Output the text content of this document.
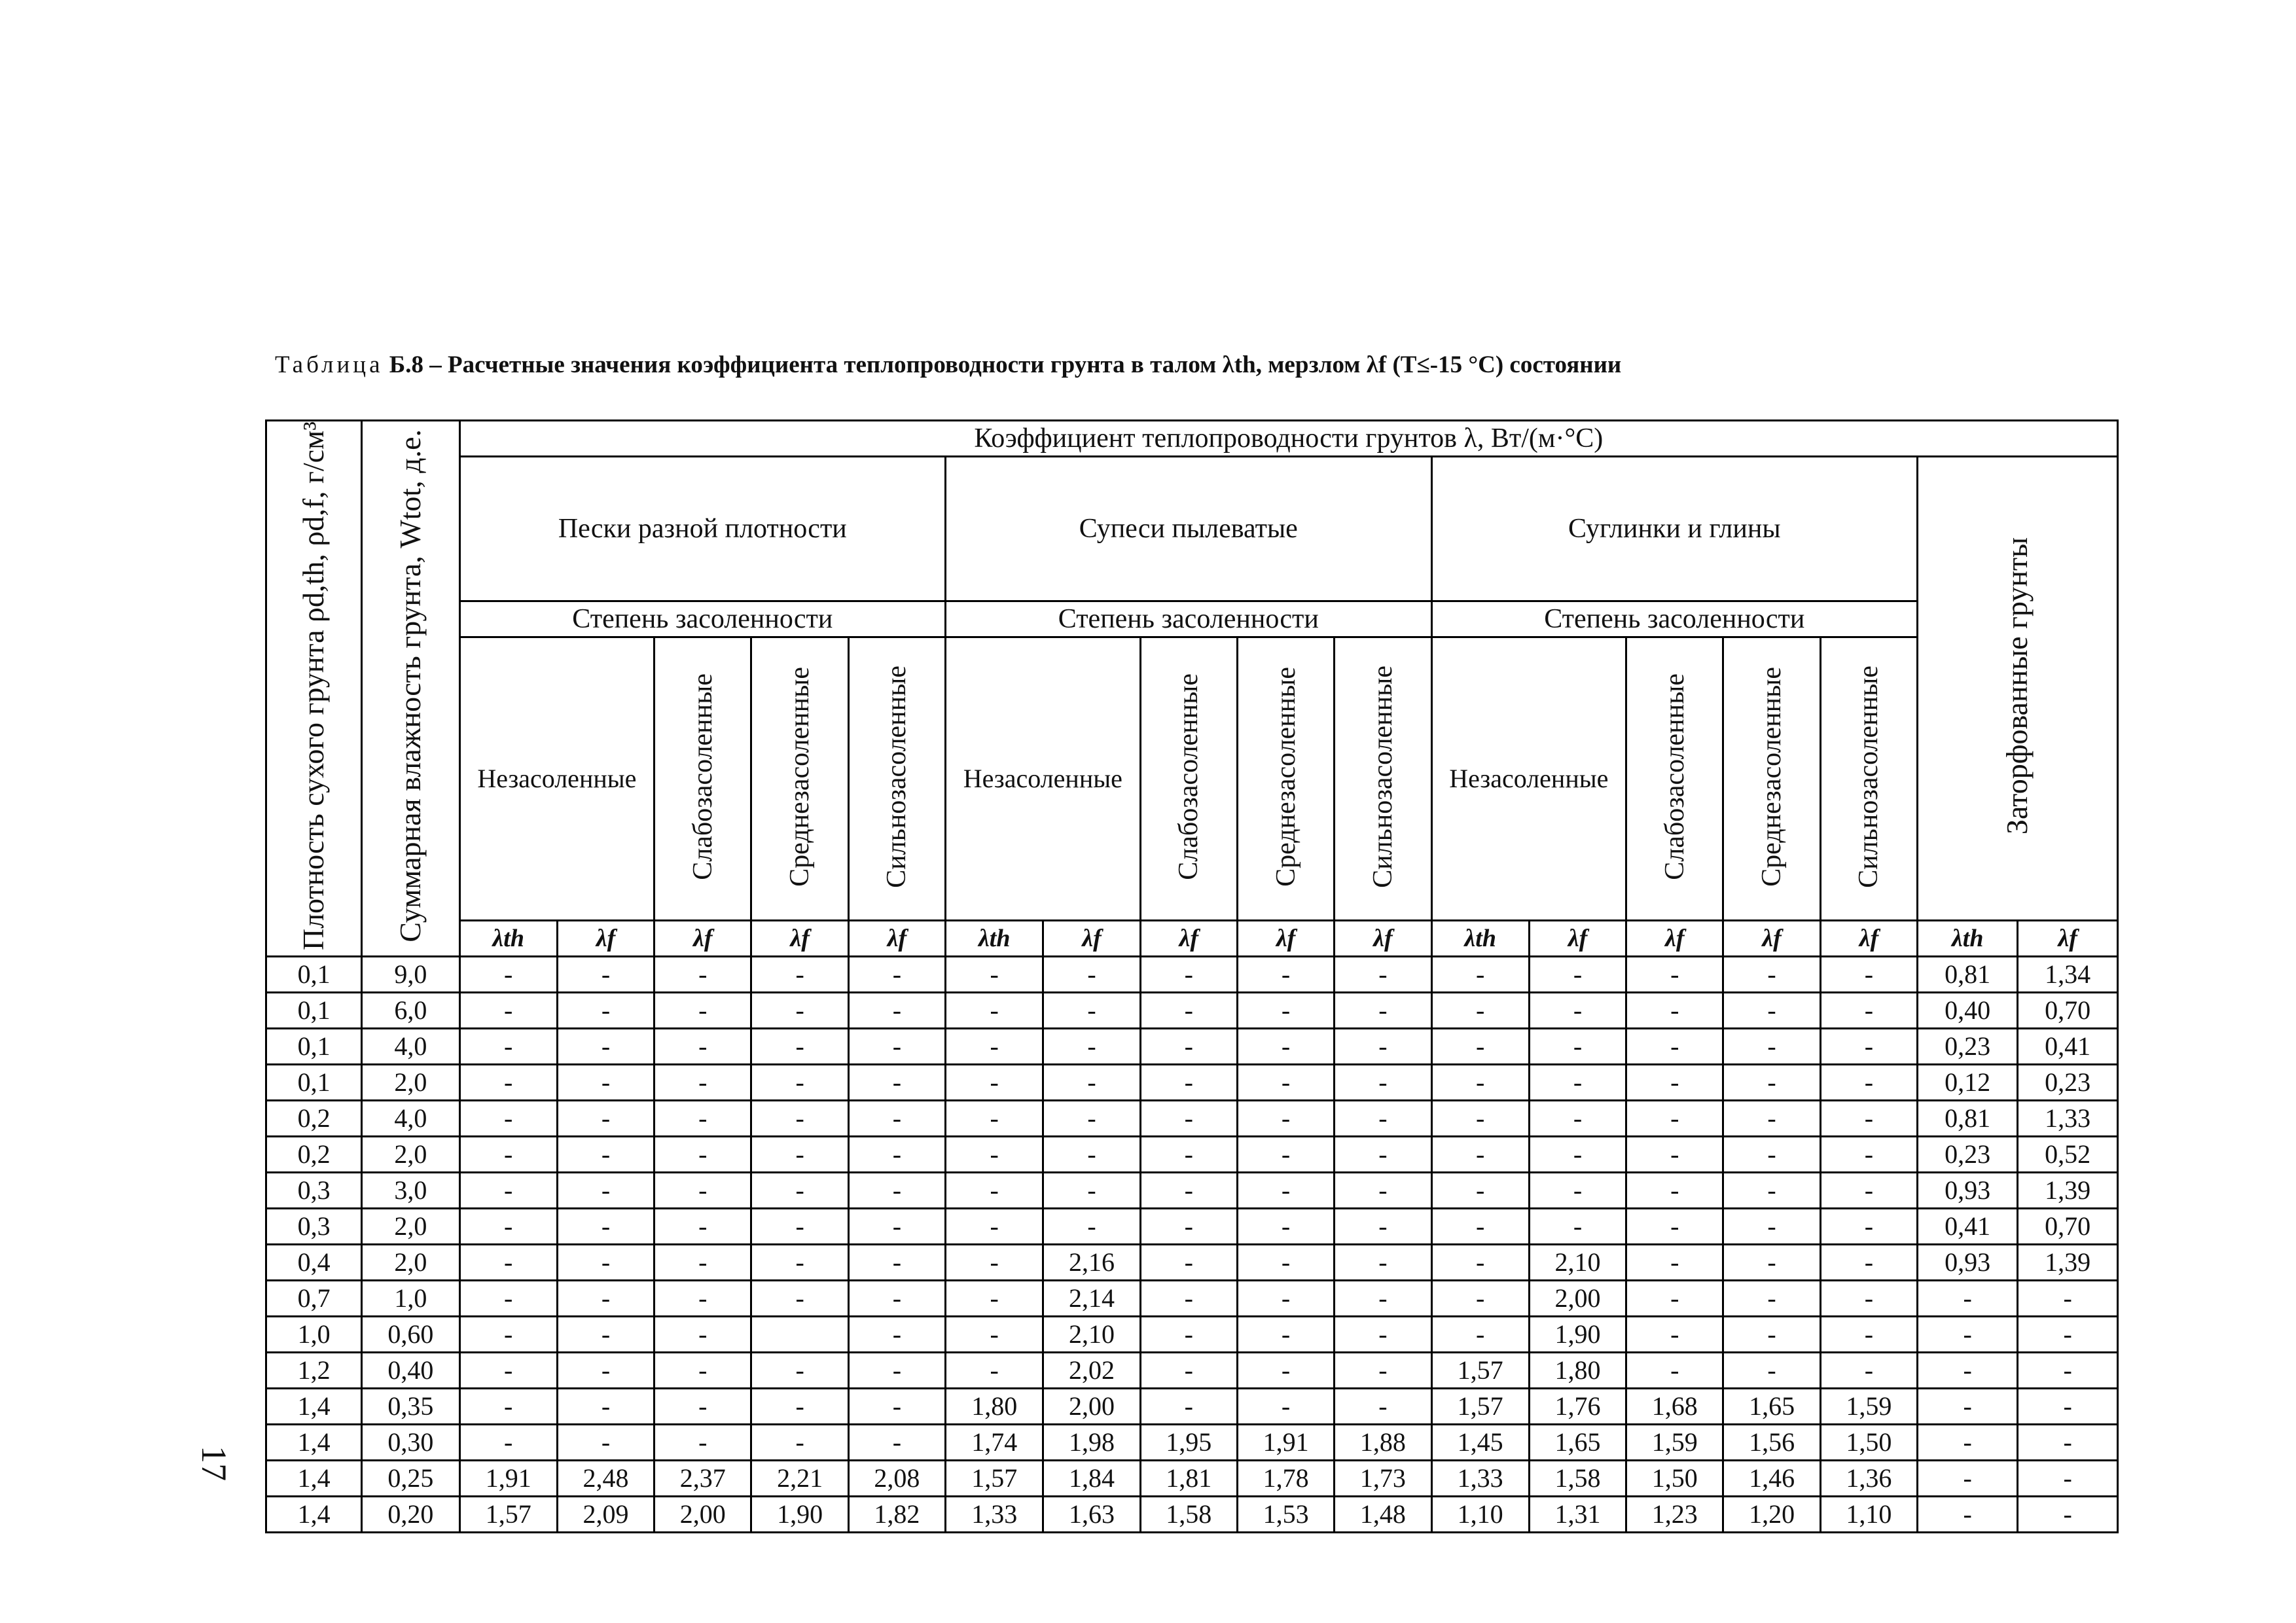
Таблица Б.8 – Расчетные значения коэффициента теплопроводности грунта в талом λth, мерзлом λf (T≤-15 °C) состоянии
Плотность сухого грунта ρd,th, ρd,f, г/см³	Суммарная влажность грунта, Wtot, д.е.	Коэффициент теплопроводности грунтов λ, Вт/(м·°С)																
		Пески разной плотности					Супеси пылеватые					Суглинки и глины					Заторфованные грунты	
		Степень засоленности					Степень засоленности					Степень засоленности						
		Незасоленные		Слабозасоленные	Среднезасоленные	Сильнозасоленные	Незасоленные		Слабозасоленные	Среднезасоленные	Сильнозасоленные	Незасоленные		Слабозасоленные	Среднезасоленные	Сильнозасоленные		
		λth	λf	λf	λf	λf	λth	λf	λf	λf	λf	λth	λf	λf	λf	λf	λth	λf
0,1	9,0	-	-	-	-	-	-	-	-	-	-	-	-	-	-	-	0,81	1,34
0,1	6,0	-	-	-	-	-	-	-	-	-	-	-	-	-	-	-	0,40	0,70
0,1	4,0	-	-	-	-	-	-	-	-	-	-	-	-	-	-	-	0,23	0,41
0,1	2,0	-	-	-	-	-	-	-	-	-	-	-	-	-	-	-	0,12	0,23
0,2	4,0	-	-	-	-	-	-	-	-	-	-	-	-	-	-	-	0,81	1,33
0,2	2,0	-	-	-	-	-	-	-	-	-	-	-	-	-	-	-	0,23	0,52
0,3	3,0	-	-	-	-	-	-	-	-	-	-	-	-	-	-	-	0,93	1,39
0,3	2,0	-	-	-	-	-	-	-	-	-	-	-	-	-	-	-	0,41	0,70
0,4	2,0	-	-	-	-	-	-	2,16	-	-	-	-	2,10	-	-	-	0,93	1,39
0,7	1,0	-	-	-	-	-	-	2,14	-	-	-	-	2,00	-	-	-	-	-
1,0	0,60	-	-	-		-	-	2,10	-	-	-	-	1,90	-	-	-	-	-
1,2	0,40	-	-	-	-	-	-	2,02	-	-	-	1,57	1,80	-	-	-	-	-
1,4	0,35	-	-	-	-	-	1,80	2,00	-	-	-	1,57	1,76	1,68	1,65	1,59	-	-
1,4	0,30	-	-	-	-	-	1,74	1,98	1,95	1,91	1,88	1,45	1,65	1,59	1,56	1,50	-	-
1,4	0,25	1,91	2,48	2,37	2,21	2,08	1,57	1,84	1,81	1,78	1,73	1,33	1,58	1,50	1,46	1,36	-	-
1,4	0,20	1,57	2,09	2,00	1,90	1,82	1,33	1,63	1,58	1,53	1,48	1,10	1,31	1,23	1,20	1,10	-	-
17
